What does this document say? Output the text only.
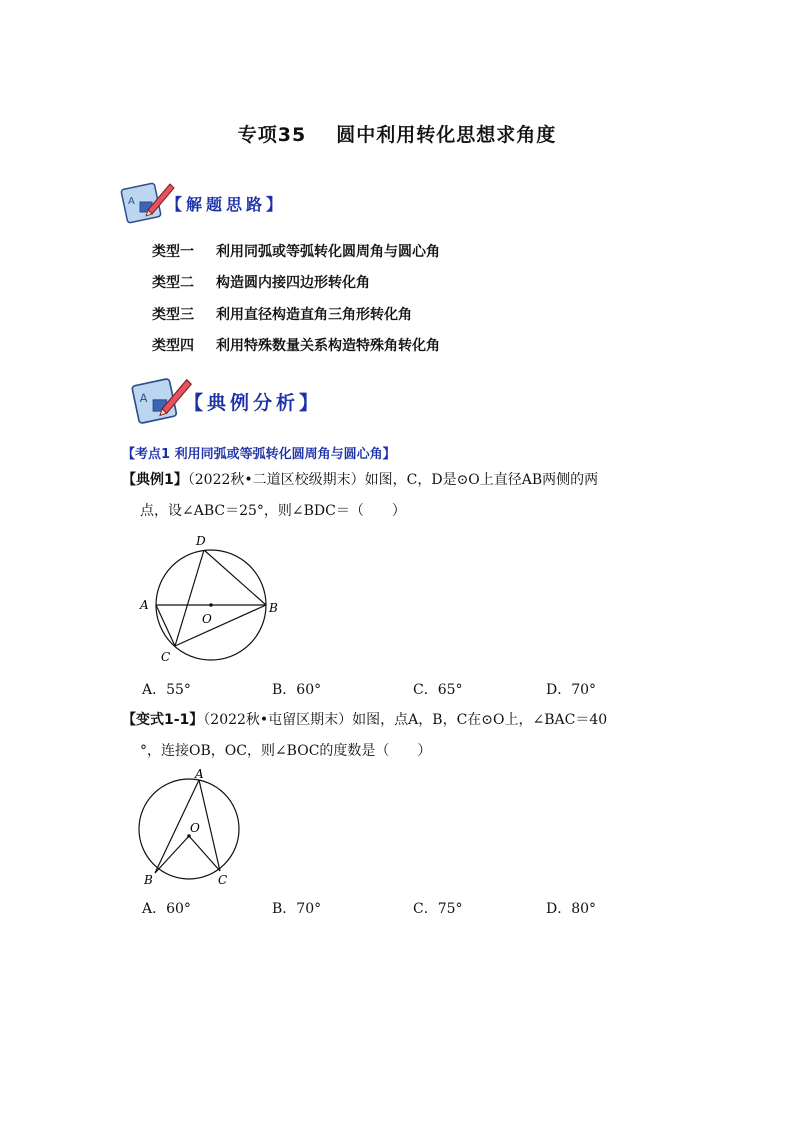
专项35 圆中利用转化思想求角度
A 【解题思路】
类型一 利用同弧或等弧转化圆周角与圆心角
类型二 构造圆内接四边形转化角
类型三 利用直径构造直角三角形转化角
类型四 利用特殊数量关系构造特殊角转化角
A 【典例分析】
【考点1 利用同弧或等弧转化圆周角与圆心角】
【典例1】（2022秋•二道区校级期末）如图，C，D是⊙O上直径AB两侧的两
点，设∠ABC＝25°，则∠BDC＝（　　）
A	B
C
D
O
A．55°	B．60°	C．65°	D．70°
【变式1-1】（2022秋•屯留区期末）如图，点A，B，C在⊙O上，∠BAC＝40
°，连接OB，OC，则∠BOC的度数是（　　）
A
B	C
O
A．60°	B．70°	C．75°	D．80°
